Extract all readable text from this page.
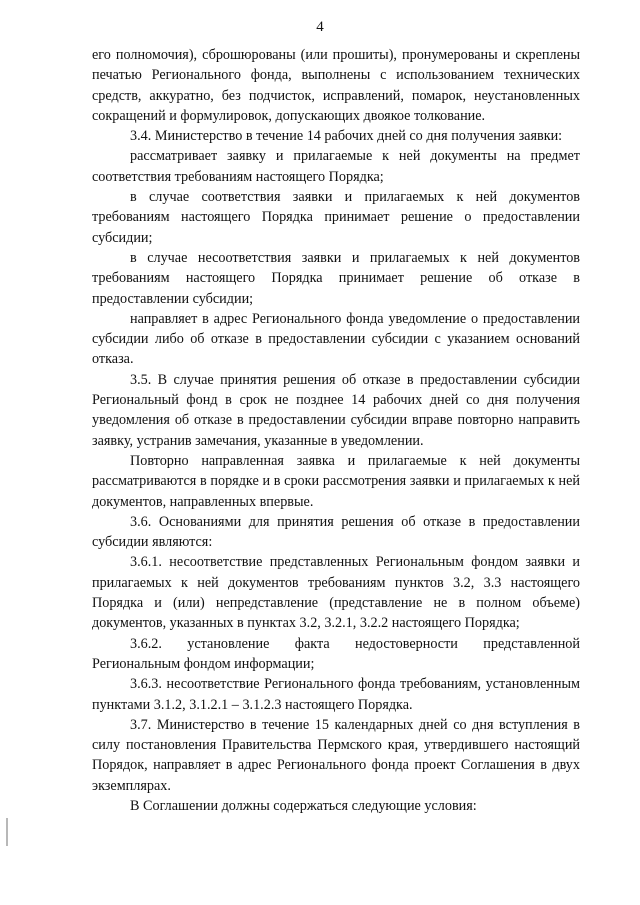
4

его полномочия), сброшюрованы (или прошиты), пронумерованы и скреплены печатью Регионального фонда, выполнены с использованием технических средств, аккуратно, без подчисток, исправлений, помарок, неустановленных сокращений и формулировок, допускающих двоякое толкование.

3.4. Министерство в течение 14 рабочих дней со дня получения заявки:

рассматривает заявку и прилагаемые к ней документы на предмет соответствия требованиям настоящего Порядка;

в случае соответствия заявки и прилагаемых к ней документов требованиям настоящего Порядка принимает решение о предоставлении субсидии;

в случае несоответствия заявки и прилагаемых к ней документов требованиям настоящего Порядка принимает решение об отказе в предоставлении субсидии;

направляет в адрес Регионального фонда уведомление о предоставлении субсидии либо об отказе в предоставлении субсидии с указанием оснований отказа.

3.5. В случае принятия решения об отказе в предоставлении субсидии Региональный фонд в срок не позднее 14 рабочих дней со дня получения уведомления об отказе в предоставлении субсидии вправе повторно направить заявку, устранив замечания, указанные в уведомлении.

Повторно направленная заявка и прилагаемые к ней документы рассматриваются в порядке и в сроки рассмотрения заявки и прилагаемых к ней документов, направленных впервые.

3.6. Основаниями для принятия решения об отказе в предоставлении субсидии являются:

3.6.1. несоответствие представленных Региональным фондом заявки и прилагаемых к ней документов требованиям пунктов 3.2, 3.3 настоящего Порядка и (или) непредставление (представление не в полном объеме) документов, указанных в пунктах 3.2, 3.2.1, 3.2.2 настоящего Порядка;

3.6.2. установление факта недостоверности представленной Региональным фондом информации;

3.6.3. несоответствие Регионального фонда требованиям, установленным пунктами 3.1.2, 3.1.2.1 – 3.1.2.3 настоящего Порядка.

3.7. Министерство в течение 15 календарных дней со дня вступления в силу постановления Правительства Пермского края, утвердившего настоящий Порядок, направляет в адрес Регионального фонда проект Соглашения в двух экземплярах.

В Соглашении должны содержаться следующие условия:
